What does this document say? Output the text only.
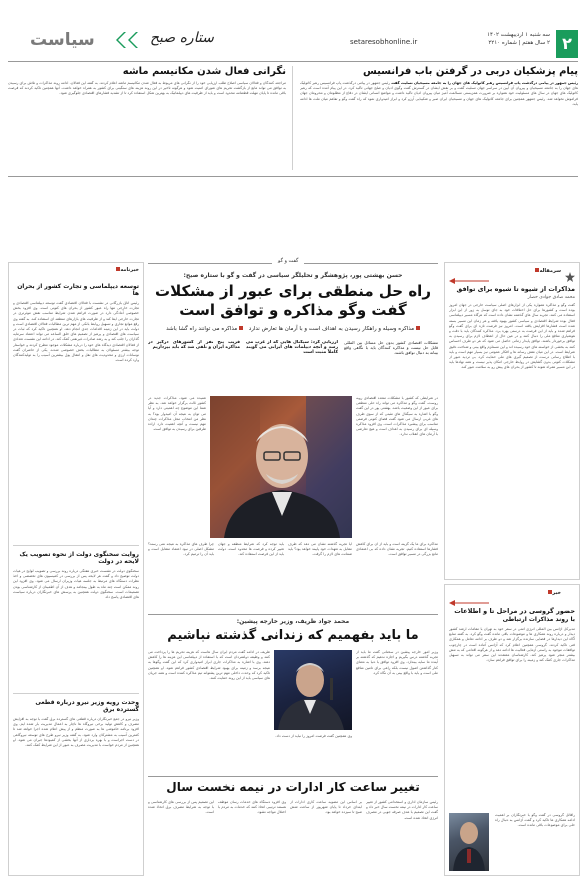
۲
سه شنبه ۱ اردیبهشت ۱۴۰۲
۲ سال هفتم | شماره ۲۲۱۰
setaresobhonline.ir
ستاره صبح
سیاست
پیام پزشکیان دربی در گرفتن باب فرانسیس
رئیس جمهور در پیامی درگذشت پاپ فرانسیس رهبر کاتولیک های جهان را به جامعه مسیحیان تسلیت گفت رئیس جمهور در پیامی درگذشت پاپ فرانسیس رهبر کاتولیک های جهان را به جامعه مسیحیان و پیروان آن آیین در سراسر جهان تسلیت گفت و بر نقش ایشان در گسترش گفت وگوی ادیان و صلح جهانی تاکید کرد. در این پیام آمده است که رهبر کاتولیک های جهان در سال های مسئولیت خود همواره بر ضرورت همزیستی مسالمت آمیز میان پیروان ادیان تاکید داشت و مواضع انسانی ایشان در دفاع از مظلومان و محرومان جهان فراموش نخواهد شد. رئیس جمهور همچنین برای جامعه کاتولیک های جهان و مسیحیان ایران صبر و شکیبایی آرزو کرد و ابراز امیدواری نمود که راه گفت وگو و تفاهم میان ملت ها ادامه یابد.
نگرانی فعال شدن مکانیسم ماشه
مراجعه کنندگان و فعالان سیاسی اصلاح طلب ارزیابی خود را از نگرانی های مربوط به فعال شدن مکانیسم ماشه اعلام کردند. به گفته این فعالان، ادامه روند مذاکرات و تلاش برای رسیدن به توافق می تواند مانع از بازگشت تحریم های شورای امنیت شود و هرگونه تاخیر در این روند هزینه های سنگینی برای کشور به همراه خواهد داشت. آنها همچنین تاکید کردند که فرصت باقی مانده تا پایان مهلت قطعنامه محدود است و باید از ظرفیت های دیپلماتیک به بهترین شکل استفاده کرد تا از تشدید فشارهای اقتصادی جلوگیری شود.
سرمقاله
مذاکرات از شیوه تا شیوه برای توافق
محمد صادق جوادی حصار
گفت وگو و مذاکره همواره یکی از ابزارهای اصلی سیاست خارجی در جهان امروز بوده است و کشورها برای حل اختلافات خود به جای توسل به زور از این ابزار استفاده می کنند. تجربه سال های گذشته نشان داده است که هرگاه مسیر دیپلماسی فعال بوده شرایط اقتصادی و سیاسی کشور بهبود یافته و هر زمان این مسیر بسته شده است فشارها افزایش یافته است. امروز نیز فرصت تازه ای برای گفت وگو فراهم شده و باید از این فرصت به درستی بهره برد. مذاکره کنندگان باید با دقت و هوشیاری منافع ملی را دنبال کنند و در عین حال از انعطاف لازم برای رسیدن به توافق برخوردار باشند. توافق پایدار زمانی حاصل می شود که هر دو طرف احساس کنند به بخشی از خواسته های خود رسیده اند و این مستلزم واقع بینی و شناخت دقیق شرایط است. در این میان نقش رسانه ها و افکار عمومی نیز بسیار مهم است و باید با اطلاع رسانی درست از تصمیم گیری های ملی حمایت کرد. بی تردید عبور از مشکلات کنونی بدون گشایش در روابط خارجی امکان پذیر نیست و همه نهادها باید در این مسیر همراه شوند تا کشور از بحران های پیش رو به سلامت عبور کند.
خبر
حضور گروسی در مراحل تا و اطلاعات
با روند مذاکرات ارتباطی
مدیرکل آژانس بین المللی انرژی اتمی در سفر خود به تهران با مقامات ارشد کشور دیدار و درباره روند همکاری ها و موضوعات باقی مانده گفت وگو کرد. به گفته منابع آگاه این دیدارها در فضایی سازنده برگزار شد و دو طرف بر ادامه تعامل و همکاری فنی تاکید کردند. گروسی همچنین اعلام کرد که آژانس آماده است در چارچوب توافقات موجود به راستی آزمایی فعالیت ها ادامه دهد و از هرگونه اقدامی که به تنش بیشتر منجر شود پرهیز کند. کارشناسان معتقدند این سفر می تواند به تسهیل مذاکرات جاری کمک کند و زمینه را برای توافق فراهم سازد.
رافائل گروسی در گفت وگو با خبرنگاران بر اهمیت ادامه همکاری ها تاکید کرد و گفت آژانس به دنبال راه حلی برای موضوعات باقی مانده است.
خبرنامه
توسعه دیپلماسی و تجارت کشور از بحران ها
رئیس اتاق بازرگانی در نشست با فعالان اقتصادی گفت توسعه دیپلماسی اقتصادی و تجارت خارجی تنها راه عبور کشور از بحران های کنونی است. وی افزود بخش خصوصی آمادگی دارد در صورت فراهم شدن شرایط مناسب نقش موثرتری در تجارت خارجی ایفا کند و از ظرفیت های بازارهای منطقه ای استفاده کند. به گفته وی رفع موانع تجاری و تسهیل روابط بانکی از مهم ترین مطالبات فعالان اقتصادی است و دولت باید در این زمینه اقدامات جدی انجام دهد. او همچنین تاکید کرد که ثبات در سیاست های اقتصادی و پرهیز از تصمیم های خلق الساعه می تواند اعتماد سرمایه گذاران را جلب کند و به رشد صادرات غیرنفتی کمک کند. در ادامه این نشست تعدادی از فعالان اقتصادی دیدگاه های خود را درباره مشکلات موجود مطرح کردند و خواستار توجه بیشتر مسئولان به مطالبات بخش خصوصی شدند. یکی از حاضران گفت نوسانات ارزی و محدودیت های نقل و انتقال پول بیشترین آسیب را به تولیدکنندگان وارد کرده است.
روایت سخنگوی دولت از نحوه تصویب یک لایحه در دولت
سخنگوی دولت در نشست خبری هفتگی درباره روند بررسی و تصویب لوایح در هیات دولت توضیح داد و گفت هر لایحه پس از بررسی در کمیسیون های تخصصی و اخذ نظرات دستگاه های مرتبط به جلسه هیات وزیران ارسال می شود. وی افزود این روند ممکن است چند ماه به طول بینجامد و هدف از آن اطمینان از کارشناسی بودن تصمیمات است. سخنگوی دولت همچنین به پرسش های خبرنگاران درباره سیاست های اقتصادی پاسخ داد.
وحدت رویه وزیر نیرو درباره قطعی گسترده برق
وزیر نیرو در جمع خبرنگاران درباره قطعی های گسترده برق گفت با توجه به افزایش مصرف و کاهش تولید برخی نیروگاه ها ناچار به اعمال مدیریت بار شده ایم. وی افزود برنامه خاموشی ها به صورت منظم و از پیش اعلام شده اجرا خواهد شد تا کمترین آسیب به مشترکان وارد شود. به گفته وزیر نیرو طرح های توسعه نیروگاهی در دست اجراست و با بهره برداری از آنها بخشی از کمبودها جبران می شود. او همچنین از مردم خواست با مدیریت مصرف به عبور از این شرایط کمک کنند.
گفت و گو
حسن بهشتی پور، پژوهشگر و تحلیلگر سیاسی در گفت و گو با ستاره صبح:
راه حل منطقی برای عبور از مشکلات گفت وگو مذاکره و توافق است
مذاکره وسیله و راهکار رسیدن به اهداف است و با آرمان ها تعارض ندارد  مذاکره می توانند راه گشا باشد
مشکلات اقتصادی کشور بدون حل مسائل بین المللی قابل حل نیست و مذاکره کنندگان باید با نگاهی واقع بینانه به دنبال توافق باشند.
ارزیابی کرد: سیگنال هایی که از غرب می رسد و آنچه دیپلمات های ایرانی می گویند کاملاً مثبت است
قریب پنج نفر از کشورهای درگیر در مذاکره ایران و تلقی شد که باید بپردازیم
در شرایطی که کشور با مشکلات متعدد اقتصادی روبه روست، گفت وگو و مذاکره می تواند راه حلی منطقی برای عبور از این وضعیت باشد. بهشتی پور در این گفت وگو با اشاره به سیگنال های مثبتی که از سوی طرف های غربی ارسال می شود گفت فضای کنونی فرصتی مناسب برای پیشبرد مذاکرات است. وی افزود مذاکره وسیله ای برای رسیدن به اهداف است و هیچ تعارضی با آرمان های انقلاب ندارد.
شنیده می شود، مذاکرات جدید در کشور ثالث برگزار خواهد شد. به نظر شما این موضوع چه اهمیتی دارد و آیا می توان به نتیجه آن امیدوار بود؟ به نظر من انتخاب محل مذاکرات چندان مهم نیست و آنچه اهمیت دارد اراده طرفین برای رسیدن به توافق است.
مذاکره برای ما یک گزینه است و باید از آن برای کاهش فشارها استفاده کنیم. تجربه نشان داده که بی اعتمادی مانع بزرگی در مسیر توافق است.
آیا تجربه گذشته نشان می دهد که طرف مقابل به تعهدات خود پایبند خواهد بود؟ باید ضمانت های لازم را گرفت.
باید توجه کرد که شرایط منطقه و جهان تغییر کرده و فرصت ها محدود است. دولت باید از این فرصت استفاده کند.
چرا طرف های مذاکره به نتیجه نمی رسند؟ مشکل اصلی در نبود اعتماد متقابل است و باید آن را ترمیم کرد.
محمد جواد ظریف، وزیر خارجه پیشین:
ما باید بفهمیم که زندانی گذشته نباشیم
وزیر امور خارجه پیشین در سخنانی گفت ما باید از تجربه گذشته درس بگیریم و اجازه ندهیم که گذشته بر آینده ما سایه بیندازد. وی افزود توافق با دنیا به معنای کنار گذاشتن اصول نیست بلکه راهی برای تامین منافع ملی است و باید با واقع بینی به آن نگاه کرد.
ظریف در ادامه گفت مردم ایران سال هاست که هزینه تحریم ها را پرداخت می کنند و وظیفه دولتمردان است که با استفاده از دیپلماسی این هزینه ها را کاهش دهند. وی با اشاره به مذاکرات جاری ابراز امیدواری کرد که این گفت وگوها به نتیجه برسد و زمینه برای بهبود شرایط اقتصادی کشور فراهم شود. او همچنین تاکید کرد که وحدت داخلی مهم ترین پشتوانه تیم مذاکره کننده است و همه جریان های سیاسی باید از این روند حمایت کنند.
وی همچنین گفت فرصت امروز را نباید از دست داد.
تغییر ساعت کار ادارات در نیمه نخست سال
رئیس سازمان اداری و استخدامی کشور از تغییر ساعت کار ادارات در نیمه نخست سال خبر داد و گفت این تصمیم با هدف صرفه جویی در مصرف انرژی اتخاذ شده است.
بر اساس این مصوبه ساعت کاری ادارات از ابتدای خرداد تا پایان شهریور از ساعت شش صبح تا سیزده خواهد بود.
وی افزود دستگاه های خدمات رسان موظف هستند ترتیبی اتخاذ کنند که خدمات به مردم با اختلال مواجه نشود.
این تصمیم پس از بررسی های کارشناسی و با توجه به شرایط مصرف برق اتخاذ شده است.
